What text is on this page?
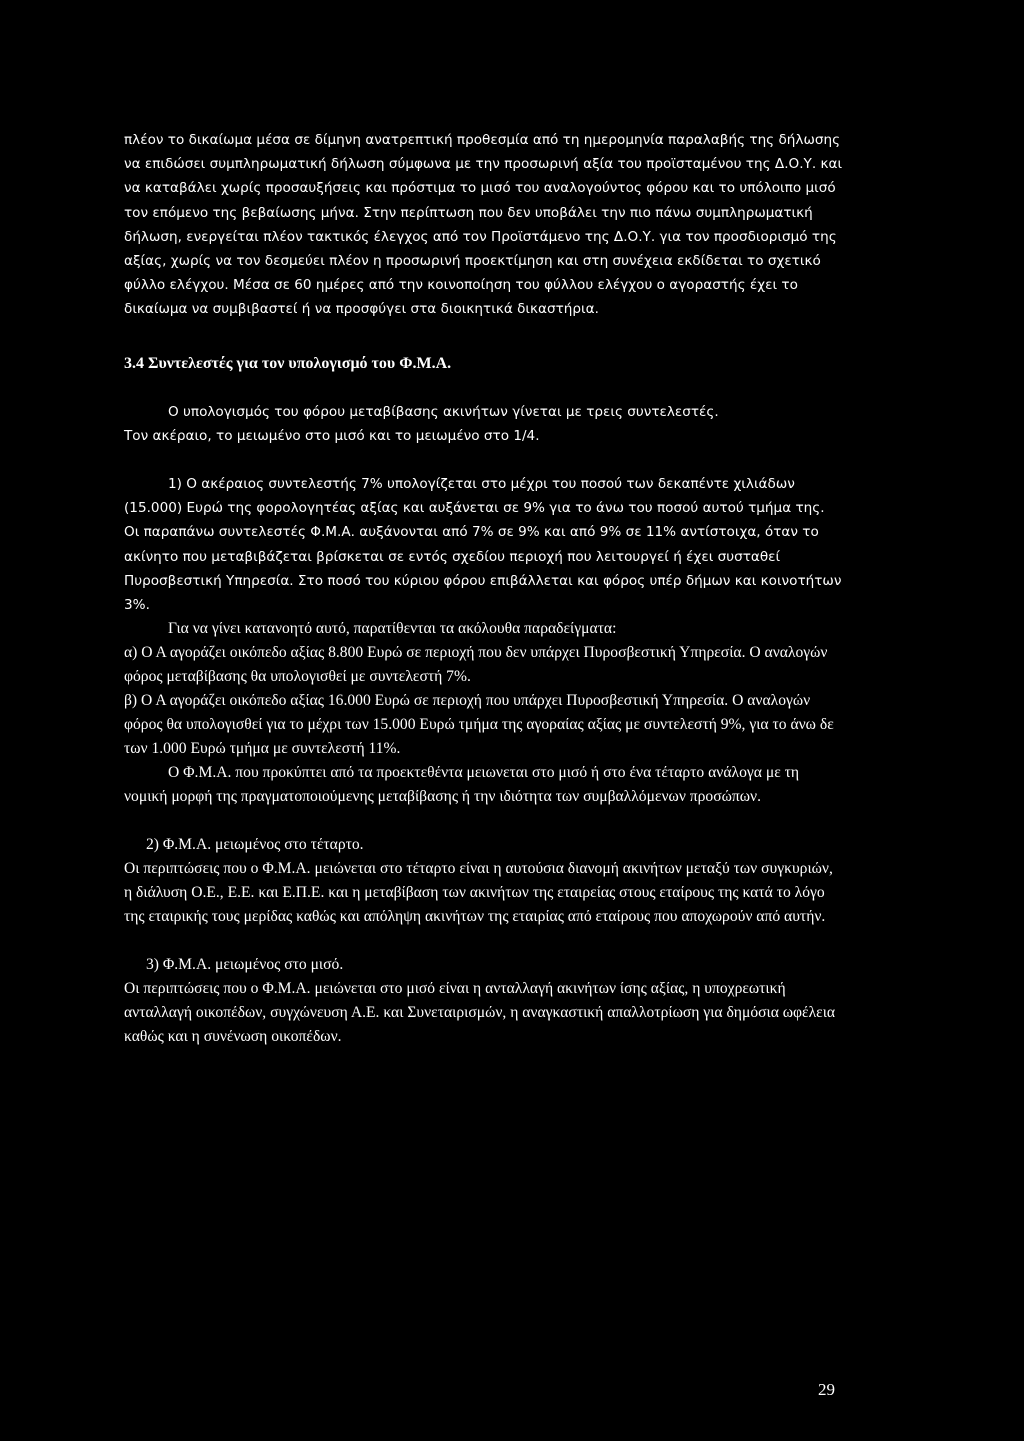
πλέον το δικαίωμα μέσα σε δίμηνη ανατρεπτική προθεσμία από τη ημερομηνία παραλαβής της δήλωσης να επιδώσει συμπληρωματική δήλωση σύμφωνα με την προσωρινή αξία του προϊσταμένου της Δ.Ο.Υ. και να καταβάλει χωρίς προσαυξήσεις και πρόστιμα το μισό του αναλογούντος φόρου και το υπόλοιπο μισό τον επόμενο της βεβαίωσης μήνα. Στην περίπτωση που δεν υποβάλει την πιο πάνω συμπληρωματική δήλωση, ενεργείται πλέον τακτικός έλεγχος από τον Προϊστάμενο της Δ.Ο.Υ. για τον προσδιορισμό της αξίας, χωρίς να τον δεσμεύει πλέον η προσωρινή προεκτίμηση και στη συνέχεια εκδίδεται το σχετικό φύλλο ελέγχου. Μέσα σε 60 ημέρες από την κοινοποίηση του φύλλου ελέγχου ο αγοραστής έχει το δικαίωμα να συμβιβαστεί ή να προσφύγει στα διοικητικά δικαστήρια.

3.4 Συντελεστές για τον υπολογισμό του Φ.Μ.Α.

Ο υπολογισμός του φόρου μεταβίβασης ακινήτων γίνεται με τρεις συντελεστές.

Τον ακέραιο, το μειωμένο στο μισό και το μειωμένο στο 1/4.

1) Ο ακέραιος συντελεστής 7% υπολογίζεται στο μέχρι του ποσού των δεκαπέντε χιλιάδων (15.000) Ευρώ της φορολογητέας αξίας και αυξάνεται σε 9% για το άνω του ποσού αυτού τμήμα της. Οι παραπάνω συντελεστές Φ.Μ.Α. αυξάνονται από 7% σε 9% και από 9% σε 11% αντίστοιχα, όταν το ακίνητο που μεταβιβάζεται βρίσκεται σε εντός σχεδίου περιοχή που λειτουργεί ή έχει συσταθεί Πυροσβεστική Υπηρεσία. Στο ποσό του κύριου φόρου επιβάλλεται και φόρος υπέρ δήμων και κοινοτήτων 3%.

Για να γίνει κατανοητό αυτό, παρατίθενται τα ακόλουθα παραδείγματα:

α) Ο Α αγοράζει οικόπεδο αξίας 8.800 Ευρώ σε περιοχή που δεν υπάρχει Πυροσβεστική Υπηρεσία. Ο αναλογών φόρος μεταβίβασης θα υπολογισθεί με συντελεστή 7%.

β) Ο Α αγοράζει οικόπεδο αξίας 16.000 Ευρώ σε περιοχή που υπάρχει Πυροσβεστική Υπηρεσία. Ο αναλογών φόρος θα υπολογισθεί για το μέχρι των 15.000 Ευρώ τμήμα της αγοραίας αξίας με συντελεστή 9%, για το άνω δε των 1.000 Ευρώ τμήμα με συντελεστή 11%.

Ο Φ.Μ.Α. που προκύπτει από τα προεκτεθέντα μειωνεται στο μισό ή στο ένα τέταρτο ανάλογα με τη νομική μορφή της πραγματοποιούμενης μεταβίβασης ή την ιδιότητα των συμβαλλόμενων προσώπων.

2) Φ.Μ.Α. μειωμένος στο τέταρτο.

Οι περιπτώσεις που ο Φ.Μ.Α. μειώνεται στο τέταρτο είναι η αυτούσια διανομή ακινήτων μεταξύ των συγκυριών, η διάλυση Ο.Ε., Ε.Ε. και Ε.Π.Ε. και η μεταβίβαση των ακινήτων της εταιρείας στους εταίρους της κατά το λόγο της εταιρικής τους μερίδας καθώς και απόληψη ακινήτων της εταιρίας από εταίρους που αποχωρούν από αυτήν.

3) Φ.Μ.Α. μειωμένος στο μισό.

Οι περιπτώσεις που ο Φ.Μ.Α. μειώνεται στο μισό είναι η ανταλλαγή ακινήτων ίσης αξίας, η υποχρεωτική ανταλλαγή οικοπέδων, συγχώνευση Α.Ε. και Συνεταιρισμών, η αναγκαστική απαλλοτρίωση για δημόσια ωφέλεια καθώς και η συνένωση οικοπέδων.

29
